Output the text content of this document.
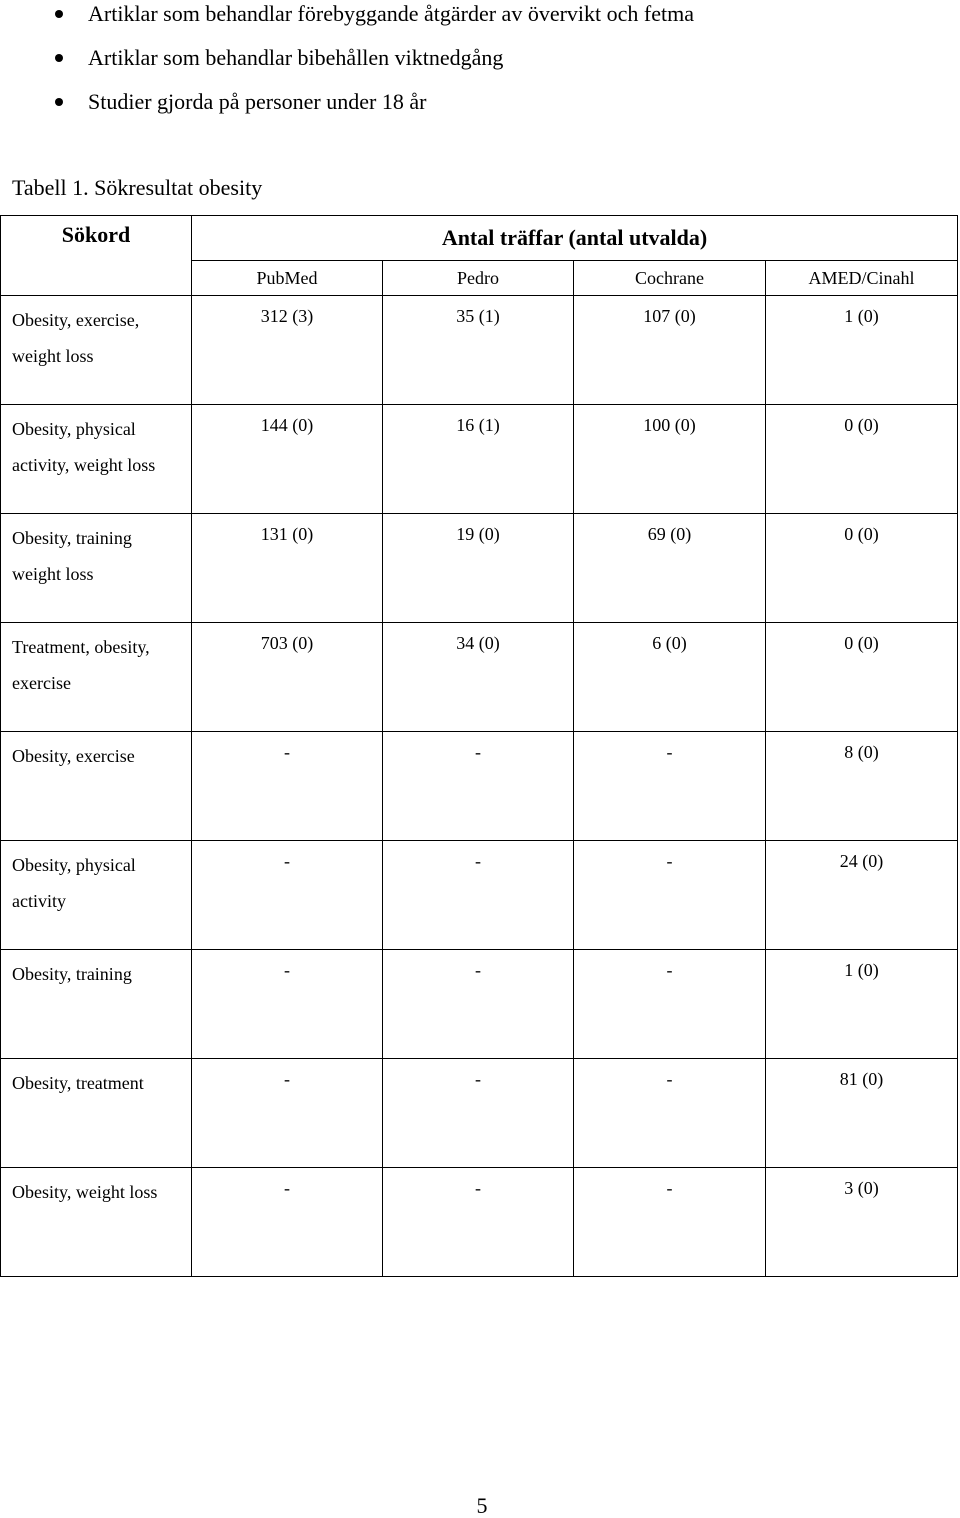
Artiklar som behandlar förebyggande åtgärder av övervikt och fetma
Artiklar som behandlar bibehållen viktnedgång
Studier gjorda på personer under 18 år
Tabell 1. Sökresultat obesity
Sökord	Antal träffar (antal utvalda)			
	PubMed	Pedro	Cochrane	AMED/Cinahl
Obesity, exercise, weight loss	312 (3)	35 (1)	107 (0)	1 (0)
Obesity, physical activity, weight loss	144 (0)	16 (1)	100 (0)	0 (0)
Obesity, training weight loss	131 (0)	19 (0)	69 (0)	0 (0)
Treatment, obesity, exercise	703 (0)	34 (0)	6 (0)	0 (0)
Obesity, exercise	-	-	-	8 (0)
Obesity, physical activity	-	-	-	24 (0)
Obesity, training	-	-	-	1 (0)
Obesity, treatment	-	-	-	81 (0)
Obesity, weight loss	-	-	-	3 (0)
5
